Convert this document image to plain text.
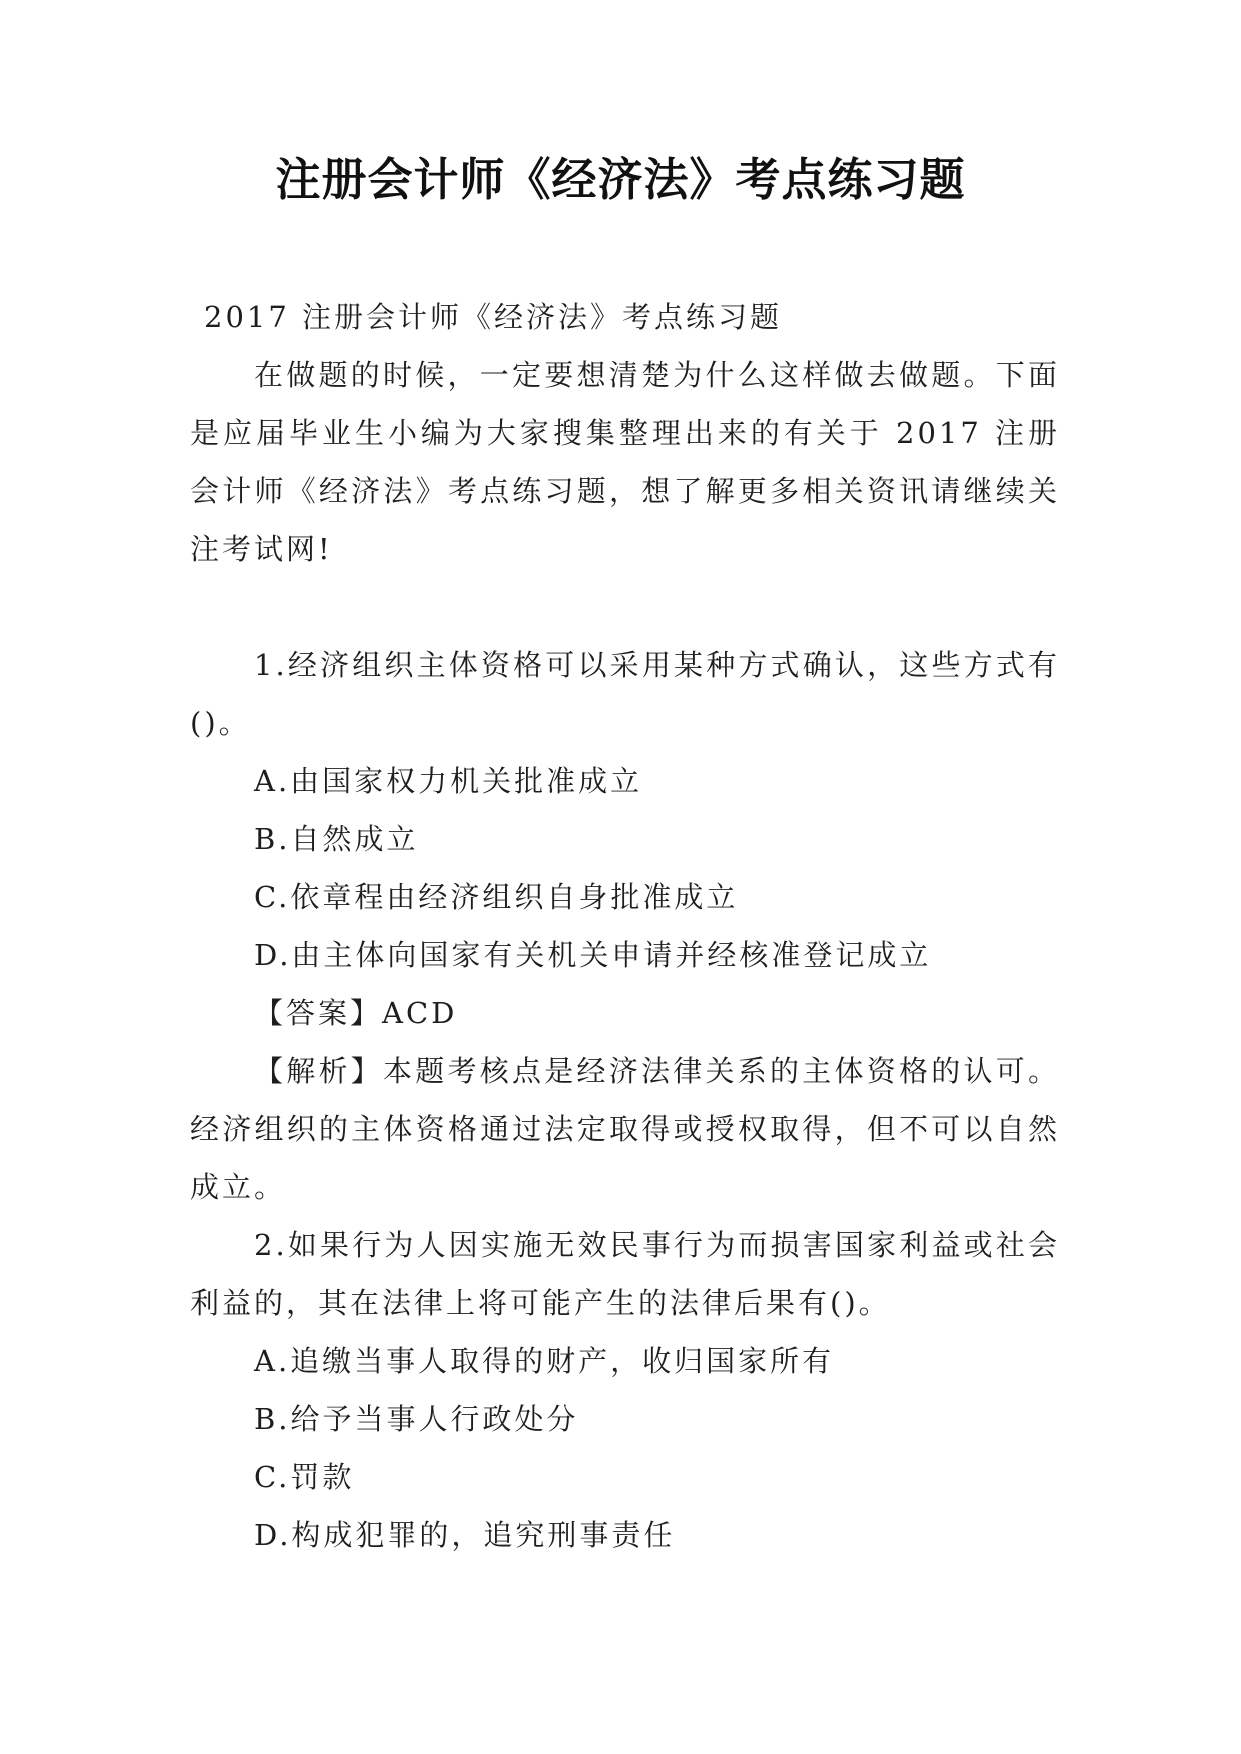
注册会计师《经济法》考点练习题
2017 注册会计师《经济法》考点练习题
在做题的时候，一定要想清楚为什么这样做去做题。下面是应届毕业生小编为大家搜集整理出来的有关于 2017 注册会计师《经济法》考点练习题，想了解更多相关资讯请继续关注考试网!
1.经济组织主体资格可以采用某种方式确认，这些方式有()。
A.由国家权力机关批准成立
B.自然成立
C.依章程由经济组织自身批准成立
D.由主体向国家有关机关申请并经核准登记成立
【答案】ACD
【解析】本题考核点是经济法律关系的主体资格的认可。经济组织的主体资格通过法定取得或授权取得，但不可以自然成立。
2.如果行为人因实施无效民事行为而损害国家利益或社会利益的，其在法律上将可能产生的法律后果有()。
A.追缴当事人取得的财产，收归国家所有
B.给予当事人行政处分
C.罚款
D.构成犯罪的，追究刑事责任
